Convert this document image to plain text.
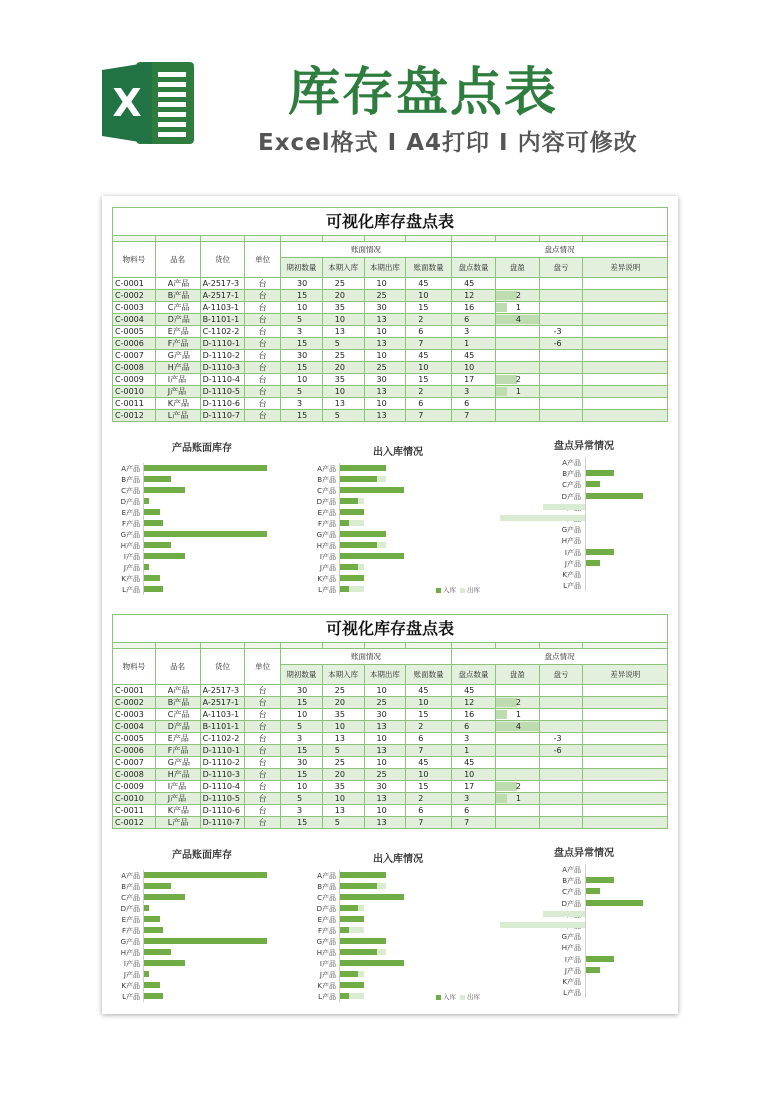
X	库存盘点表
Excel格式 I A4打印 I 内容可修改
可视化库存盘点表

物料号	品名	货位	单位	账面情况				盘点情况			
				期初数量	本期入库	本期出库	账面数量	盘点数量	盘盈	盘亏	差异说明
C-0001	A产品	A-2517-3	台	30	25	10	45	45			
C-0002	B产品	A-2517-1	台	15	20	25	10	12	2		
C-0003	C产品	A-1103-1	台	10	35	30	15	16	1		
C-0004	D产品	B-1101-1	台	5	10	13	2	6	4		
C-0005	E产品	C-1102-2	台	3	13	10	6	3		-3	
C-0006	F产品	D-1110-1	台	15	5	13	7	1		-6	
C-0007	G产品	D-1110-2	台	30	25	10	45	45			
C-0008	H产品	D-1110-3	台	15	20	25	10	10			
C-0009	I产品	D-1110-4	台	10	35	30	15	17	2		
C-0010	J产品	D-1110-5	台	5	10	13	2	3	1		
C-0011	K产品	D-1110-6	台	3	13	10	6	6			
C-0012	L产品	D-1110-7	台	15	5	13	7	7			
产品账面库存
A产品
B产品
C产品
D产品
E产品
F产品
G产品
H产品
I产品
J产品
K产品
L产品
出入库情况
A产品
B产品
C产品
D产品
E产品
F产品
G产品
H产品
I产品
J产品
K产品
L产品	入库 出库
盘点异常情况
A产品
B产品
C产品
D产品
G产品
H产品
I产品
J产品
K产品
L产品
可视化库存盘点表

物料号	品名	货位	单位	账面情况				盘点情况			
				期初数量	本期入库	本期出库	账面数量	盘点数量	盘盈	盘亏	差异说明
C-0001	A产品	A-2517-3	台	30	25	10	45	45			
C-0002	B产品	A-2517-1	台	15	20	25	10	12	2		
C-0003	C产品	A-1103-1	台	10	35	30	15	16	1		
C-0004	D产品	B-1101-1	台	5	10	13	2	6	4		
C-0005	E产品	C-1102-2	台	3	13	10	6	3		-3	
C-0006	F产品	D-1110-1	台	15	5	13	7	1		-6	
C-0007	G产品	D-1110-2	台	30	25	10	45	45			
C-0008	H产品	D-1110-3	台	15	20	25	10	10			
C-0009	I产品	D-1110-4	台	10	35	30	15	17	2		
C-0010	J产品	D-1110-5	台	5	10	13	2	3	1		
C-0011	K产品	D-1110-6	台	3	13	10	6	6			
C-0012	L产品	D-1110-7	台	15	5	13	7	7			
产品账面库存
A产品
B产品
C产品
D产品
E产品
F产品
G产品
H产品
I产品
J产品
K产品
L产品
出入库情况
A产品
B产品
C产品
D产品
E产品
F产品
G产品
H产品
I产品
J产品
K产品
L产品	入库 出库
盘点异常情况
A产品
B产品
C产品
D产品
G产品
H产品
I产品
J产品
K产品
L产品
